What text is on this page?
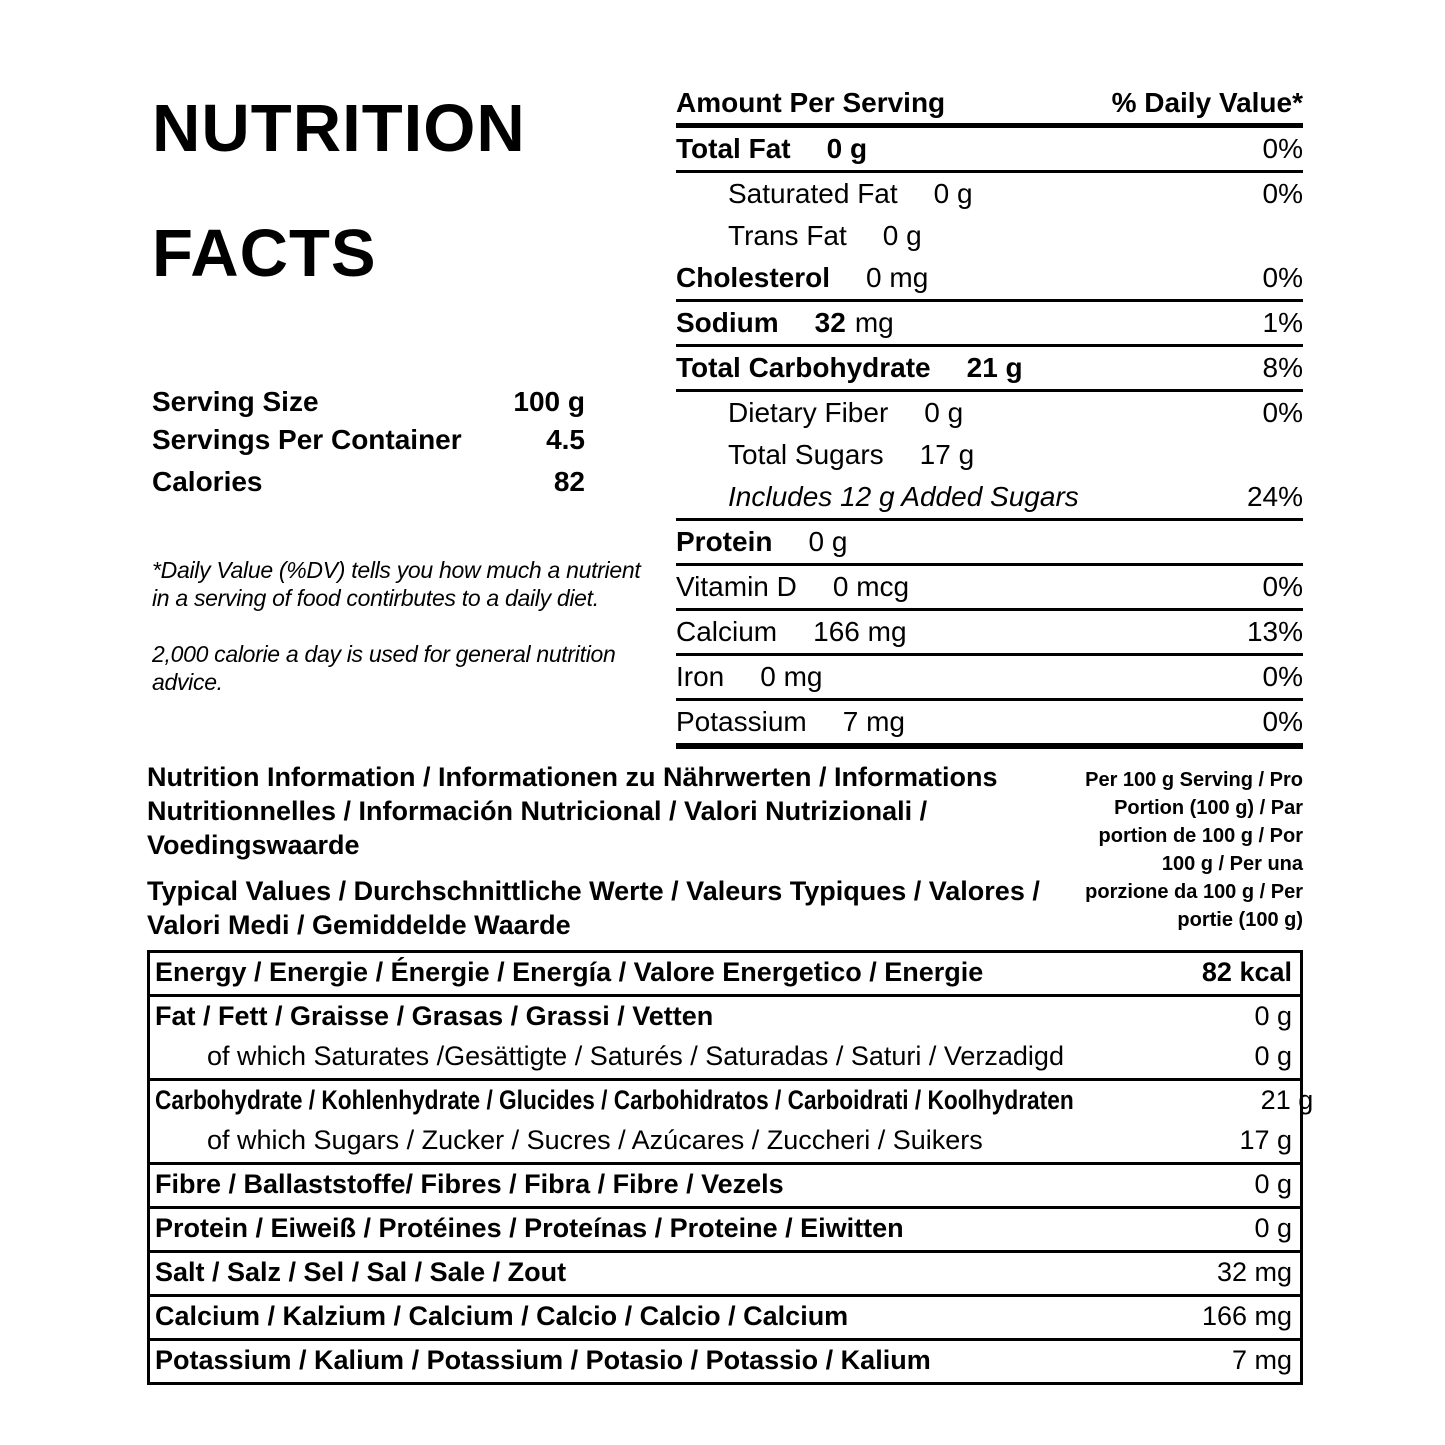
NUTRITION
FACTS
Serving Size	100 g
Servings Per Container	4.5
Calories	82
*Daily Value (%DV) tells you how much a nutrient
in a serving of food contirbutes to a daily diet.
2,000 calorie a day is used for general nutrition
advice.
Amount Per Serving	% Daily Value*
Total Fat 0 g	0%
Saturated Fat 0 g	0%
Trans Fat 0 g
Cholesterol 0 mg	0%
Sodium 32 mg	1%
Total Carbohydrate 21 g	8%
Dietary Fiber 0 g	0%
Total Sugars 17 g
Includes 12 g Added Sugars	24%
Protein 0 g
Vitamin D 0 mcg	0%
Calcium 166 mg	13%
Iron 0 mg	0%
Potassium 7 mg	0%
Nutrition Information / Informationen zu Nährwerten / Informations
Nutritionnelles / Información Nutricional / Valori Nutrizionali /
Voedingswaarde
Typical Values / Durchschnittliche Werte / Valeurs Typiques / Valores /
Valori Medi / Gemiddelde Waarde
Per 100 g Serving / Pro
Portion (100 g) / Par
portion de 100 g / Por
100 g / Per una
porzione da 100 g / Per
portie (100 g)
Energy / Energie / Énergie / Energía / Valore Energetico / Energie	82 kcal
Fat / Fett / Graisse / Grasas / Grassi / Vetten	0 g
of which Saturates /Gesättigte / Saturés / Saturadas / Saturi / Verzadigd	0 g
Carbohydrate / Kohlenhydrate / Glucides / Carbohidratos / Carboidrati / Koolhydraten	21 g
of which Sugars / Zucker / Sucres / Azúcares / Zuccheri / Suikers	17 g
Fibre / Ballaststoffe/ Fibres / Fibra / Fibre / Vezels	0 g
Protein / Eiweiß / Protéines / Proteínas / Proteine / Eiwitten	0 g
Salt / Salz / Sel / Sal / Sale / Zout	32 mg
Calcium / Kalzium / Calcium / Calcio / Calcio / Calcium	166 mg
Potassium / Kalium / Potassium / Potasio / Potassio / Kalium	7 mg
